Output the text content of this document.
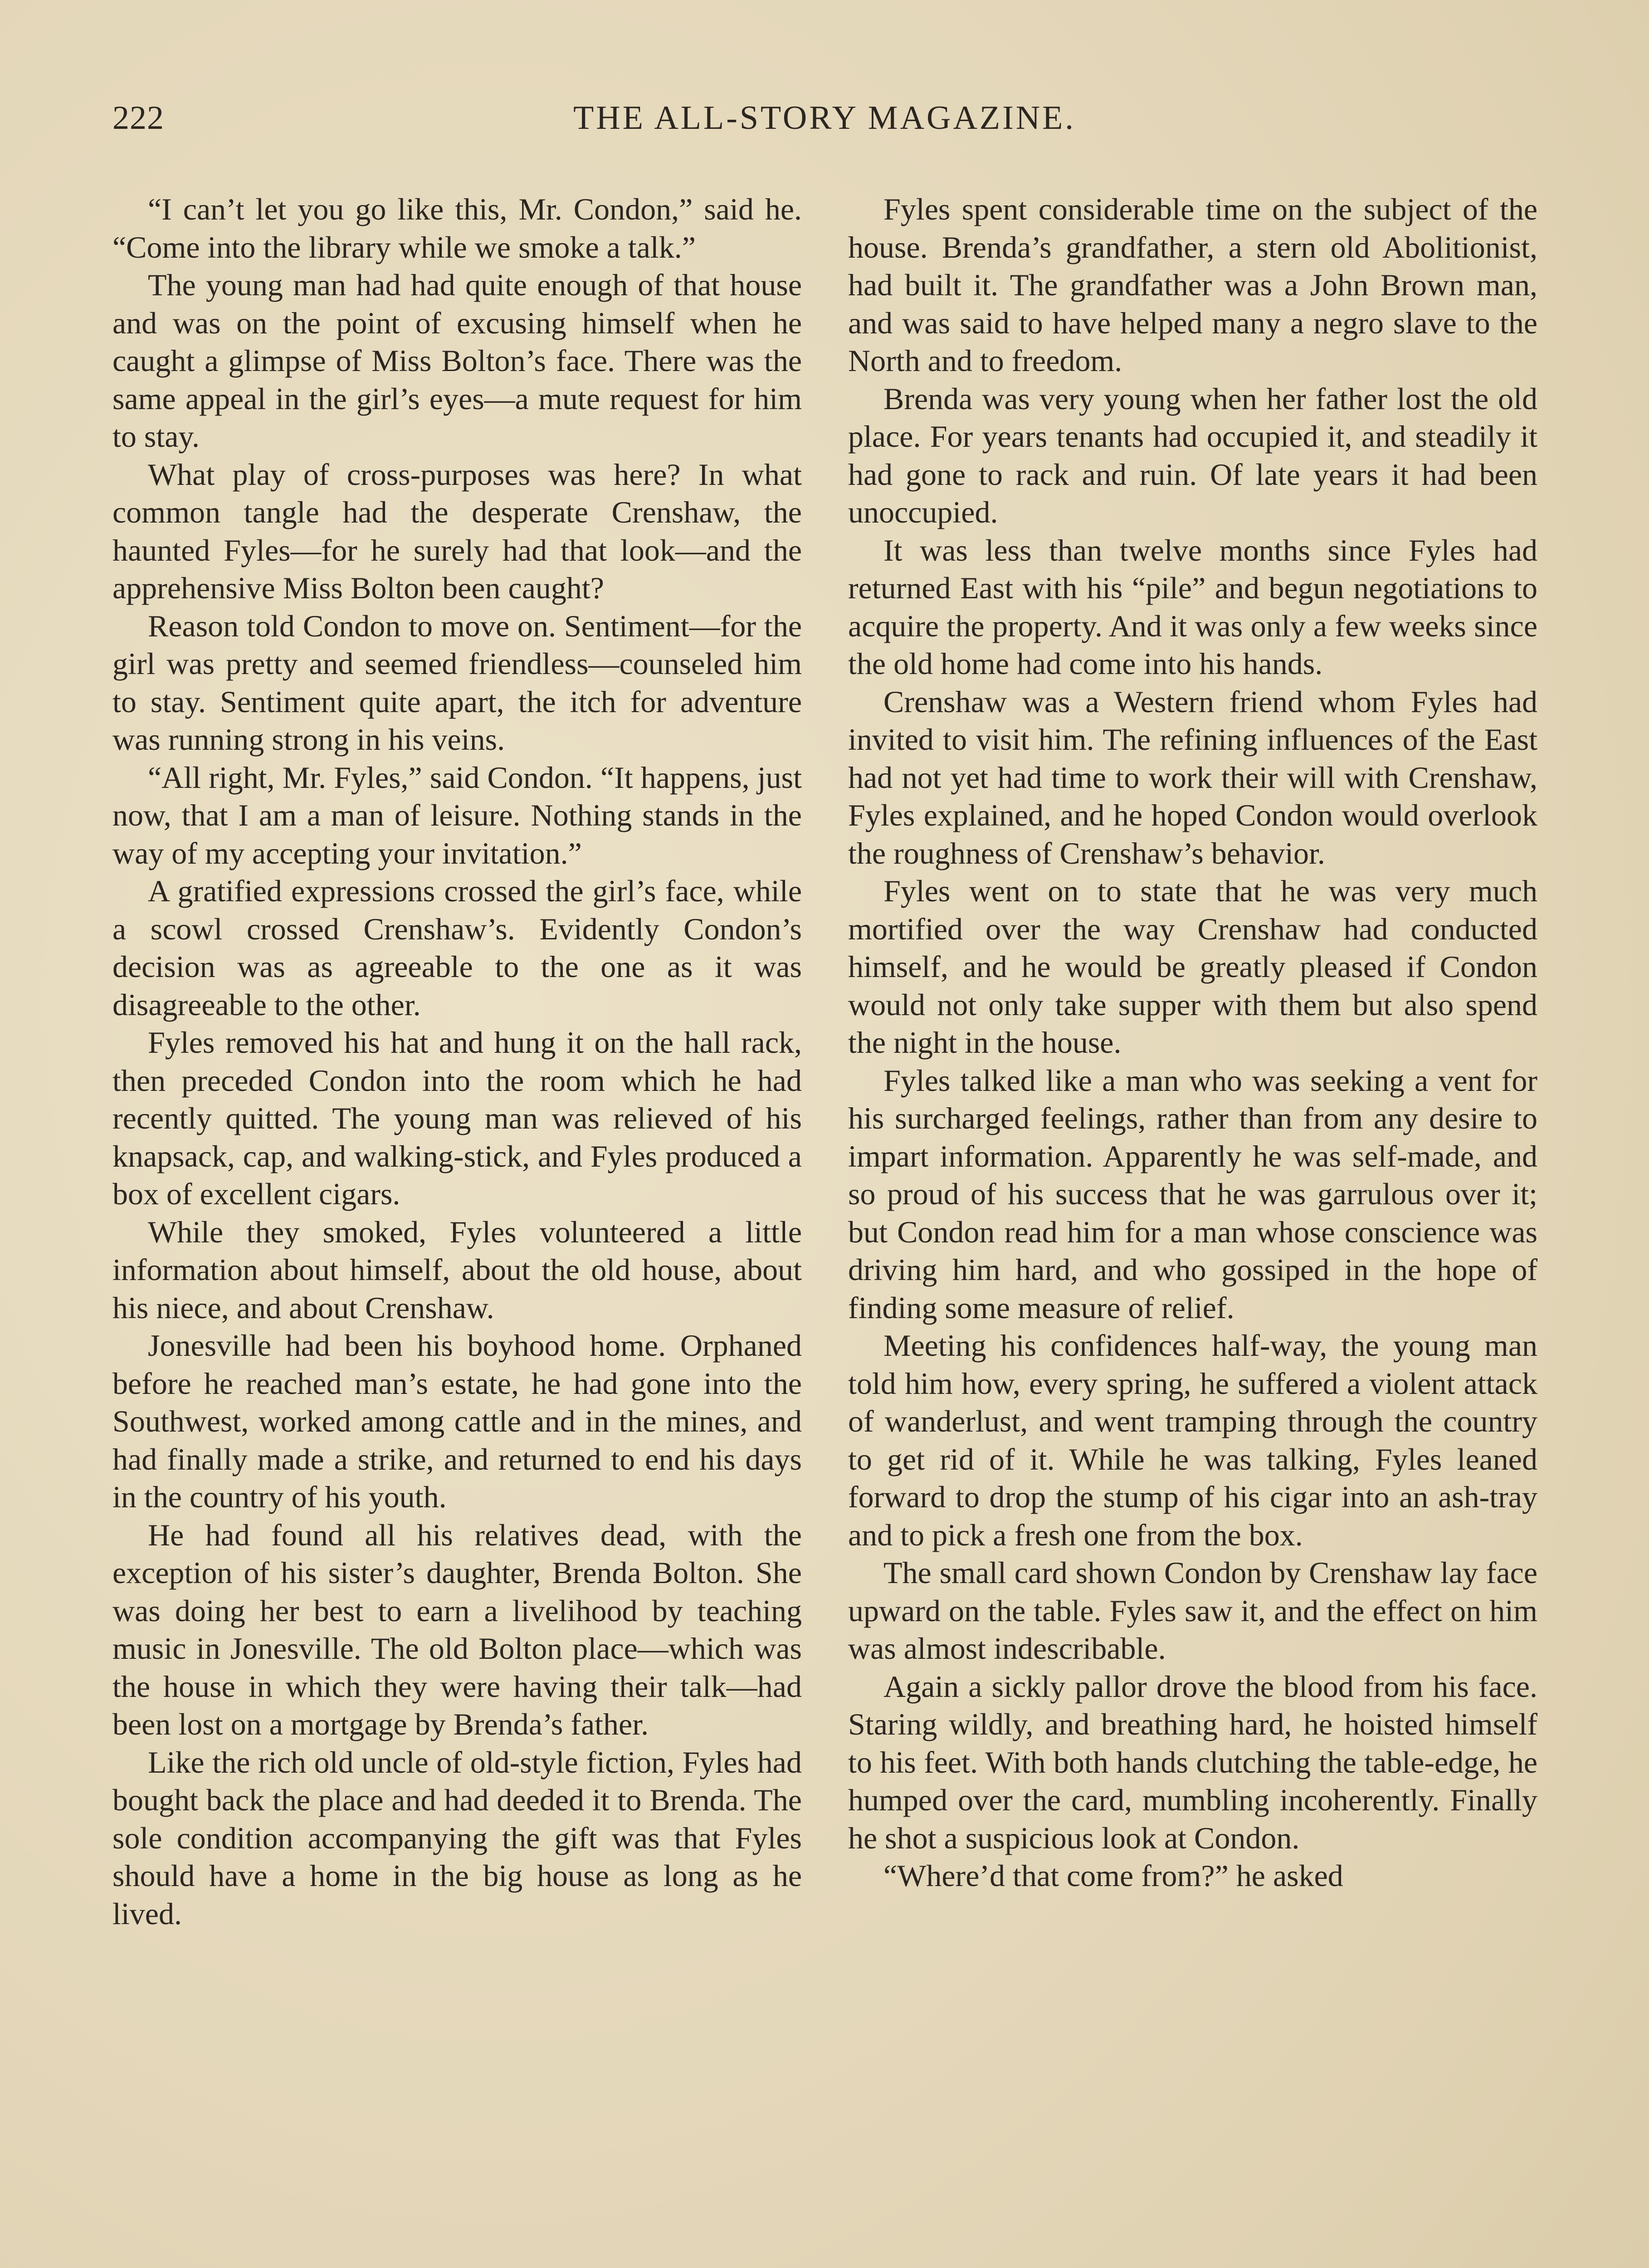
222	THE ALL-STORY MAGAZINE.

“I can’t let you go like this, Mr. Condon,” said he. “Come into the library while we smoke a talk.”

The young man had had quite enough of that house and was on the point of excusing himself when he caught a glimpse of Miss Bolton’s face. There was the same appeal in the girl’s eyes—a mute request for him to stay.

What play of cross-purposes was here? In what common tangle had the desperate Crenshaw, the haunted Fyles—for he surely had that look—and the apprehensive Miss Bolton been caught?

Reason told Condon to move on. Sentiment—for the girl was pretty and seemed friendless—counseled him to stay. Sentiment quite apart, the itch for adventure was running strong in his veins.

“All right, Mr. Fyles,” said Condon. “It happens, just now, that I am a man of leisure. Nothing stands in the way of my accepting your invitation.”

A gratified expressions crossed the girl’s face, while a scowl crossed Crenshaw’s. Evidently Condon’s decision was as agreeable to the one as it was disagreeable to the other.

Fyles removed his hat and hung it on the hall rack, then preceded Condon into the room which he had recently quitted. The young man was relieved of his knapsack, cap, and walking-stick, and Fyles produced a box of excellent cigars.

While they smoked, Fyles volunteered a little information about himself, about the old house, about his niece, and about Crenshaw.

Jonesville had been his boyhood home. Orphaned before he reached man’s estate, he had gone into the Southwest, worked among cattle and in the mines, and had finally made a strike, and returned to end his days in the country of his youth.

He had found all his relatives dead, with the exception of his sister’s daughter, Brenda Bolton. She was doing her best to earn a livelihood by teaching music in Jonesville. The old Bolton place—which was the house in which they were having their talk—had been lost on a mortgage by Brenda’s father.

Like the rich old uncle of old-style fiction, Fyles had bought back the place and had deeded it to Brenda. The sole condition accompanying the gift was that Fyles should have a home in the big house as long as he lived.

Fyles spent considerable time on the subject of the house. Brenda’s grandfather, a stern old Abolitionist, had built it. The grandfather was a John Brown man, and was said to have helped many a negro slave to the North and to freedom.

Brenda was very young when her father lost the old place. For years tenants had occupied it, and steadily it had gone to rack and ruin. Of late years it had been unoccupied.

It was less than twelve months since Fyles had returned East with his “pile” and begun negotiations to acquire the property. And it was only a few weeks since the old home had come into his hands.

Crenshaw was a Western friend whom Fyles had invited to visit him. The refining influences of the East had not yet had time to work their will with Crenshaw, Fyles explained, and he hoped Condon would overlook the roughness of Crenshaw’s behavior.

Fyles went on to state that he was very much mortified over the way Crenshaw had conducted himself, and he would be greatly pleased if Condon would not only take supper with them but also spend the night in the house.

Fyles talked like a man who was seeking a vent for his surcharged feelings, rather than from any desire to impart information. Apparently he was self-made, and so proud of his success that he was garrulous over it; but Condon read him for a man whose conscience was driving him hard, and who gossiped in the hope of finding some measure of relief.

Meeting his confidences half-way, the young man told him how, every spring, he suffered a violent attack of wanderlust, and went tramping through the country to get rid of it. While he was talking, Fyles leaned forward to drop the stump of his cigar into an ash-tray and to pick a fresh one from the box.

The small card shown Condon by Crenshaw lay face upward on the table. Fyles saw it, and the effect on him was almost indescribable.

Again a sickly pallor drove the blood from his face. Staring wildly, and breathing hard, he hoisted himself to his feet. With both hands clutching the table-edge, he humped over the card, mumbling incoherently. Finally he shot a suspicious look at Condon.

“Where’d that come from?” he asked
